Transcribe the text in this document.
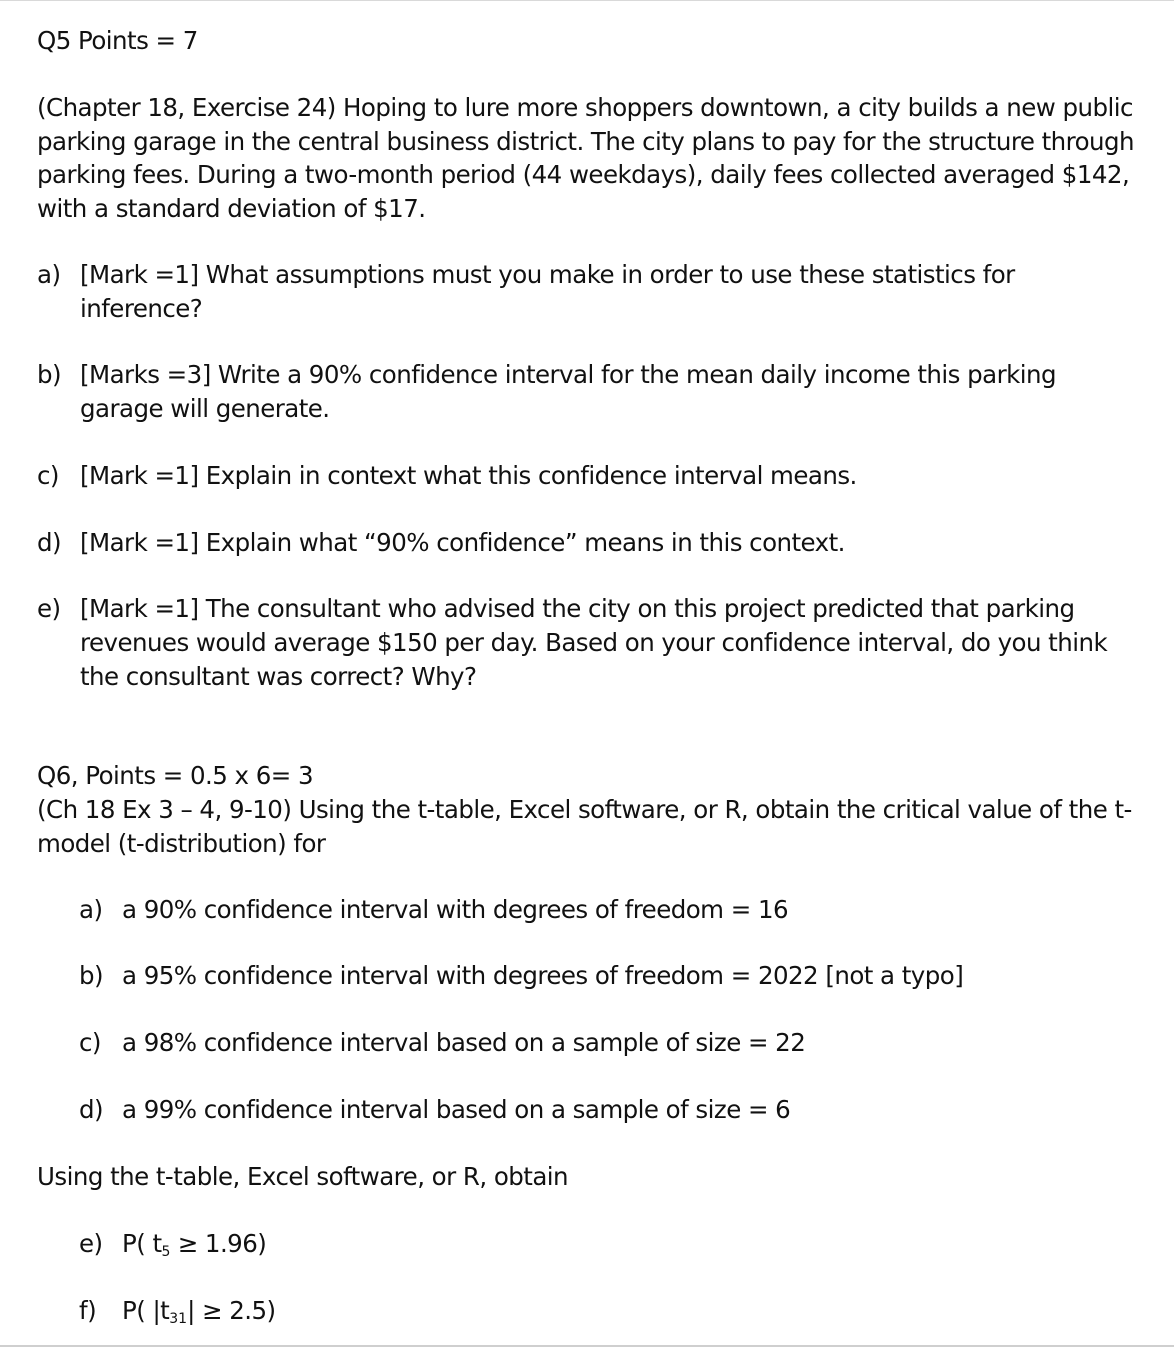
Q5 Points = 7

(Chapter 18, Exercise 24) Hoping to lure more shoppers downtown, a city builds a new public parking garage in the central business district. The city plans to pay for the structure through parking fees. During a two-month period (44 weekdays), daily fees collected averaged $142, with a standard deviation of $17.

a) [Mark =1] What assumptions must you make in order to use these statistics for inference?
b) [Marks =3] Write a 90% confidence interval for the mean daily income this parking garage will generate.
c) [Mark =1] Explain in context what this confidence interval means.
d) [Mark =1] Explain what “90% confidence” means in this context.
e) [Mark =1] The consultant who advised the city on this project predicted that parking revenues would average $150 per day. Based on your confidence interval, do you think the consultant was correct? Why?

Q6, Points = 0.5 x 6= 3

(Ch 18 Ex 3 – 4, 9-10) Using the t-table, Excel software, or R, obtain the critical value of the t-model (t-distribution) for

a) a 90% confidence interval with degrees of freedom = 16
b) a 95% confidence interval with degrees of freedom = 2022 [not a typo]
c) a 98% confidence interval based on a sample of size = 22
d) a 99% confidence interval based on a sample of size = 6

Using the t-table, Excel software, or R, obtain

e) P( t5 ≥ 1.96)
f) P( |t31| ≥ 2.5)
